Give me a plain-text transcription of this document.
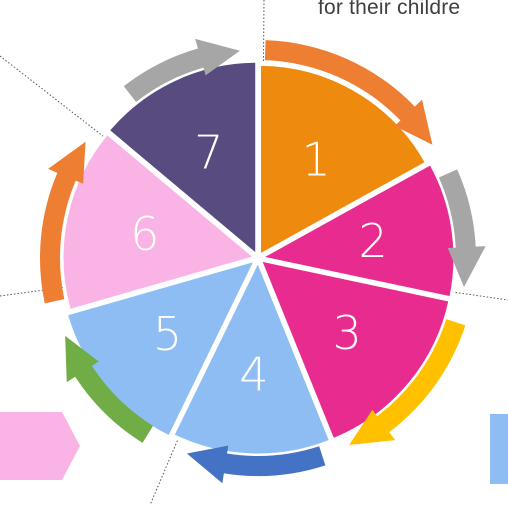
for their childre
1
2
3
4
5
6
7
